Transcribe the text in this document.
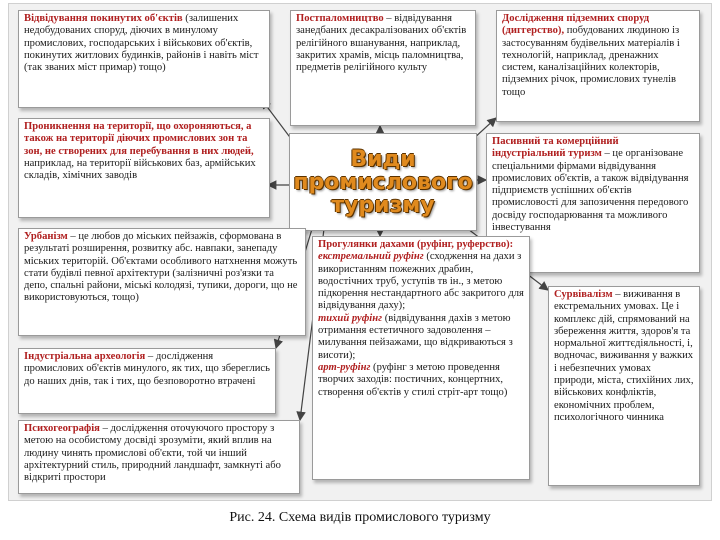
Відвідування покинутих об'єктів (залишених недобудованих споруд, діючих в минулому промислових, господарських і військових об'єктів, покинутих житлових будинків, районів і навіть міст (так званих міст примар) тощо)
Постпаломництво – відвідування занедбаних десакралізованих об'єктів релігійного вшанування, наприклад, закритих храмів, місць паломництва, предметів релігійного культу
Дослідження підземних споруд (диггерство), побудованих людиною із застосуванням будівельних матеріалів і технологій, наприклад, дренажних систем, каналізаційних колекторів, підземних річок, промислових тунелів тощо
Проникнення на території, що охороняються, а також на території діючих промислових зон та зон, не створених для перебування в них людей, наприклад, на території військових баз, армійських складів, хімічних заводів
Види
промислового
туризму
Пасивний та комерційний індустріальний туризм – це організоване спеціальними фірмами відвідування промислових об'єктів, а також відвідування підприємств успішних об'єктів промисловості для запозичення передового досвіду господарювання та можливого інвестування
Урбанізм – це любов до міських пейзажів, сформована в результаті розширення, розвитку абс. навпаки, занепаду міських територій. Об'єктами особливого натхнення можуть стати будівлі певної архітектури (залізничні роз'язки та депо, спальні райони, міські колодязі, тупики, дороги, що не використовуються, тощо)
Прогулянки дахами (руфінг, руферство):
екстремальний руфінг (сходження на дахи з використанням пожежних драбин, водостічних труб, уступів тв ін., з метою підкорення нестандартного абс закритого для відвідування даху);
тихий руфінг (відвідування дахів з метою отримання естетичного задоволення – милування пейзажами, що відкриваються з висоти);
арт-руфінг (руфінг з метою проведення творчих заходів: постичних, концертних, створення об'єктів у стилі стріт-арт тощо)
Сурвівалізм – виживання в екстремальних умовах. Це і комплекс дій, спрямований на збереження життя, здоров'я та нормальної життєдіяльності, і, водночас, виживання у важких і небезпечних умовах природи, міста, стихійних лих, військових конфліктів, економічних проблем, психологічного чинника
Індустріальна археологія – дослідження промислових об'єктів минулого, як тих, що збереглись до наших днів, так і тих, що безповоротно втрачені
Психогеографія – дослідження оточуючого простору з метою на особистому досвіді зрозуміти, який вплив на людину чинять промислові об'єкти, той чи інший архітектурний стиль, природний ландшафт, замкнуті або відкриті простори
Рис. 24. Схема видів промислового туризму
